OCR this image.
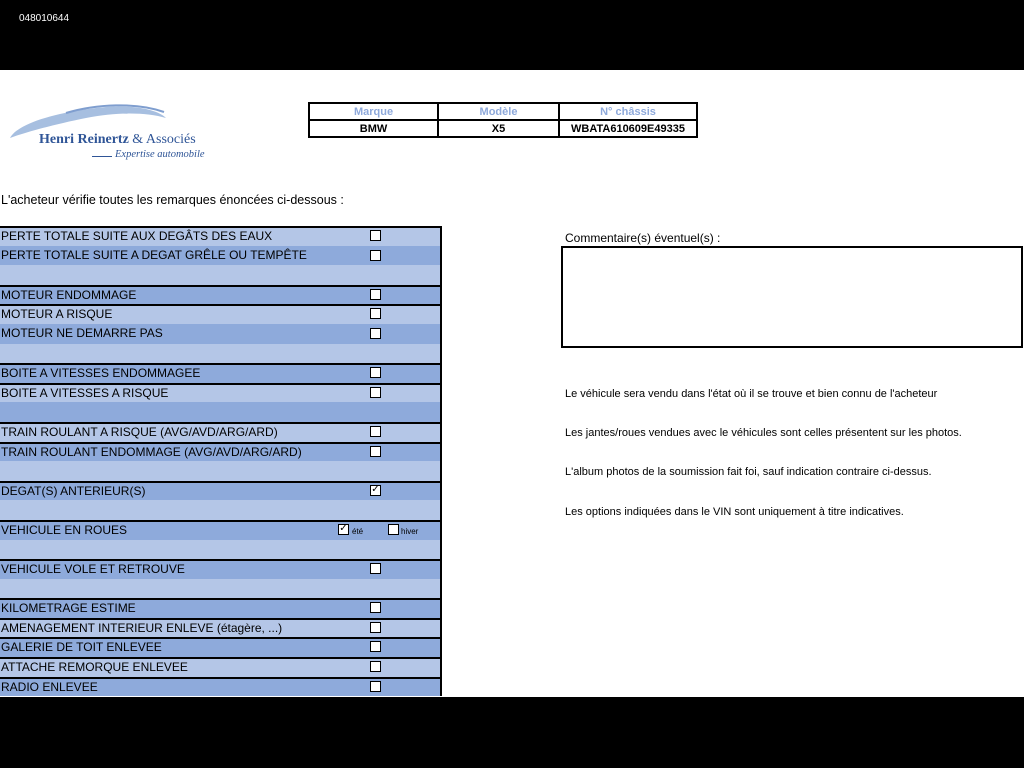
048010644
Henri Reinertz & Associés
Expertise automobile
Marque	Modèle	N° châssis
BMW	X5	WBATA610609E49335
L'acheteur vérifie toutes les remarques énoncées ci-dessous :
PERTE TOTALE SUITE AUX DEGÂTS DES EAUX
PERTE TOTALE SUITE A DEGAT GRÊLE OU TEMPÊTE
MOTEUR ENDOMMAGE
MOTEUR A RISQUE
MOTEUR NE DEMARRE PAS
BOITE A VITESSES ENDOMMAGEE
BOITE A VITESSES A RISQUE
TRAIN ROULANT A RISQUE (AVG/AVD/ARG/ARD)
TRAIN ROULANT ENDOMMAGE (AVG/AVD/ARG/ARD)
DEGAT(S) ANTERIEUR(S)	✓
VEHICULE EN ROUES	✓ été	hiver
VEHICULE VOLE ET RETROUVE
KILOMETRAGE ESTIME
AMENAGEMENT INTERIEUR ENLEVE (étagère, ...)
GALERIE DE TOIT ENLEVEE
ATTACHE REMORQUE ENLEVEE
RADIO ENLEVEE
Commentaire(s) éventuel(s) :
Le véhicule sera vendu dans l'état où il se trouve et bien connu de l'acheteur
Les jantes/roues vendues avec le véhicules sont celles présentent sur les photos.
L'album photos de la soumission fait foi, sauf indication contraire ci-dessus.
Les options indiquées dans le VIN sont uniquement à titre indicatives.
